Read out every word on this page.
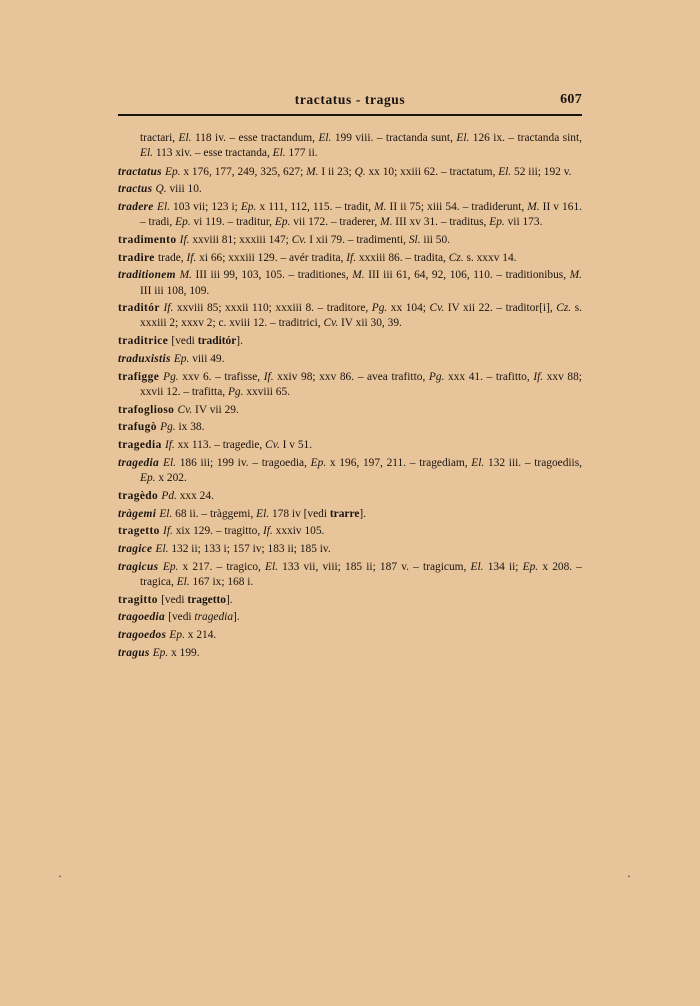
tractatus - tragus	607

tractari, El. 118 iv. – esse tractandum, El. 199 viii. – tractanda sunt, El. 126 ix. – tractanda sint, El. 113 xiv. – esse tractanda, El. 177 ii.

tractatus Ep. x 176, 177, 249, 325, 627; M. I ii 23; Q. xx 10; xxiii 62. – tractatum, El. 52 iii; 192 v.

tractus Q. viii 10.

tradere El. 103 vii; 123 i; Ep. x 111, 112, 115. – tradit, M. II ii 75; xiii 54. – tradiderunt, M. II v 161. – tradi, Ep. vi 119. – traditur, Ep. vii 172. – traderer, M. III xv 31. – traditus, Ep. vii 173.

tradimento If. xxviii 81; xxxiii 147; Cv. I xii 79. – tradimenti, Sl. iii 50.

tradire trade, If. xi 66; xxxiii 129. – avér tradita, If. xxxiii 86. – tradita, Cz. s. xxxv 14.

traditionem M. III iii 99, 103, 105. – traditiones, M. III iii 61, 64, 92, 106, 110. – traditionibus, M. III iii 108, 109.

traditór If. xxviii 85; xxxii 110; xxxiii 8. – traditore, Pg. xx 104; Cv. IV xii 22. – traditor[i], Cz. s. xxxiii 2; xxxv 2; c. xviii 12. – traditrici, Cv. IV xii 30, 39.

traditrice [vedi traditór].

traduxistis Ep. viii 49.

trafigge Pg. xxv 6. – trafisse, If. xxiv 98; xxv 86. – avea trafitto, Pg. xxx 41. – trafitto, If. xxv 88; xxvii 12. – trafitta, Pg. xxviii 65.

trafoglioso Cv. IV vii 29.

trafugò Pg. ix 38.

tragedia If. xx 113. – tragedie, Cv. I v 51.

tragedia El. 186 iii; 199 iv. – tragoedia, Ep. x 196, 197, 211. – tragediam, El. 132 iii. – tragoediis, Ep. x 202.

tragèdo Pd. xxx 24.

tràgemi El. 68 ii. – tràggemi, El. 178 iv [vedi trarre].

tragetto If. xix 129. – tragitto, If. xxxiv 105.

tragice El. 132 ii; 133 i; 157 iv; 183 ii; 185 iv.

tragicus Ep. x 217. – tragico, El. 133 vii, viii; 185 ii; 187 v. – tragicum, El. 134 ii; Ep. x 208. – tragica, El. 167 ix; 168 i.

tragitto [vedi tragetto].

tragoedia [vedi tragedia].

tragoedos Ep. x 214.

tragus Ep. x 199.

·	·
